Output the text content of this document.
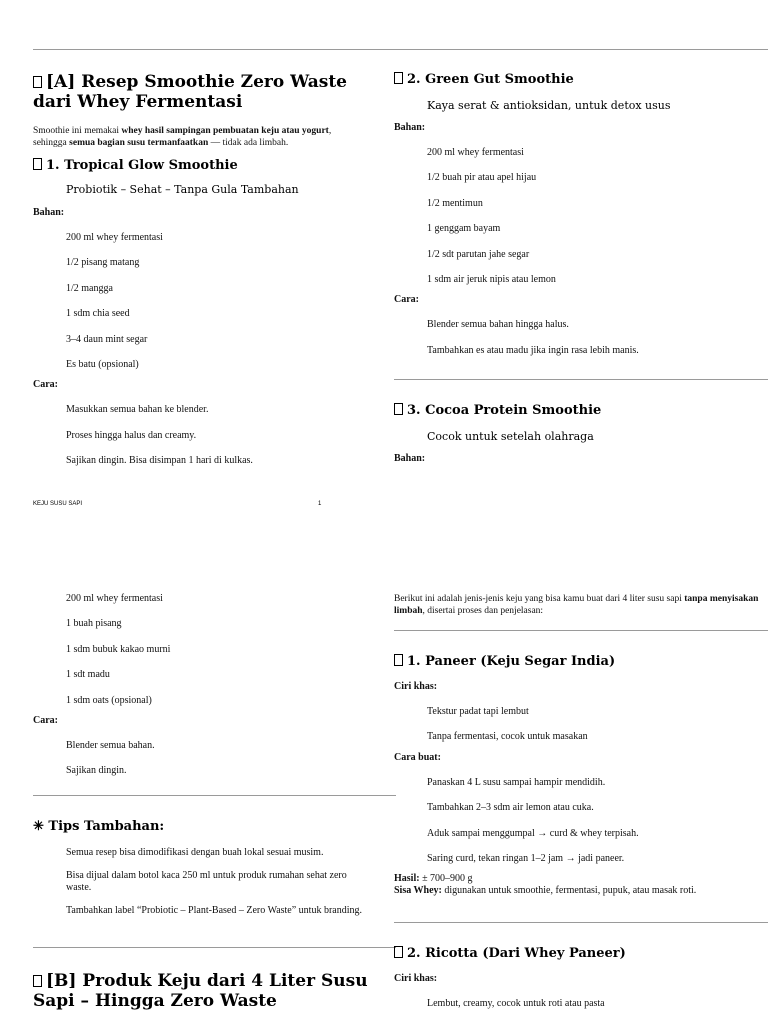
[A] Resep Smoothie Zero Waste dari Whey Fermentasi

Smoothie ini memakai whey hasil sampingan pembuatan keju atau yogurt, sehingga semua bagian susu termanfaatkan — tidak ada limbah.

1. Tropical Glow Smoothie

Probiotik – Sehat – Tanpa Gula Tambahan

Bahan:

200 ml whey fermentasi
1/2 pisang matang
1/2 mangga
1 sdm chia seed
3–4 daun mint segar
Es batu (opsional)

Cara:

Masukkan semua bahan ke blender.
Proses hingga halus dan creamy.
Sajikan dingin. Bisa disimpan 1 hari di kulkas.
KEJU SUSU SAPI	1
2. Green Gut Smoothie

Kaya serat & antioksidan, untuk detox usus

Bahan:

200 ml whey fermentasi
1/2 buah pir atau apel hijau
1/2 mentimun
1 genggam bayam
1/2 sdt parutan jahe segar
1 sdm air jeruk nipis atau lemon

Cara:

Blender semua bahan hingga halus.
Tambahkan es atau madu jika ingin rasa lebih manis.
3. Cocoa Protein Smoothie

Cocok untuk setelah olahraga

Bahan:

200 ml whey fermentasi
1 buah pisang
1 sdm bubuk kakao murni
1 sdt madu
1 sdm oats (opsional)

Cara:

Blender semua bahan.
Sajikan dingin.
✳ Tips Tambahan:

Semua resep bisa dimodifikasi dengan buah lokal sesuai musim.

Bisa dijual dalam botol kaca 250 ml untuk produk rumahan sehat zero waste.

Tambahkan label “Probiotic – Plant-Based – Zero Waste” untuk branding.

[B] Produk Keju dari 4 Liter Susu Sapi – Hingga Zero Waste

Berikut ini adalah jenis-jenis keju yang bisa kamu buat dari 4 liter susu sapi tanpa menyisakan limbah, disertai proses dan penjelasan:

1. Paneer (Keju Segar India)

Ciri khas:

Tekstur padat tapi lembut
Tanpa fermentasi, cocok untuk masakan

Cara buat:

Panaskan 4 L susu sampai hampir mendidih.
Tambahkan 2–3 sdm air lemon atau cuka.
Aduk sampai menggumpal → curd & whey terpisah.
Saring curd, tekan ringan 1–2 jam → jadi paneer.

Hasil: ± 700–900 g

Sisa Whey: digunakan untuk smoothie, fermentasi, pupuk, atau masak roti.

2. Ricotta (Dari Whey Paneer)

Ciri khas:

Lembut, creamy, cocok untuk roti atau pasta
